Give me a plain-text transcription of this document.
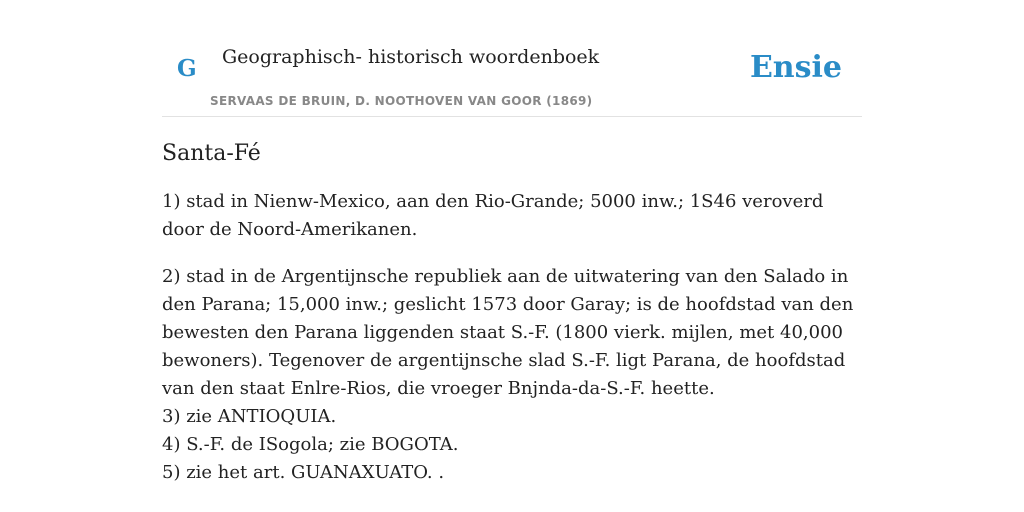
G Geographisch- historisch woordenboek
SERVAAS DE BRUIN, D. NOOTHOVEN VAN GOOR (1869)
Ensie
Santa-Fé

1) stad in Nienw-Mexico, aan den Rio-Grande; 5000 inw.; 1S46 veroverd door de Noord-Amerikanen.

2) stad in de Argentijnsche republiek aan de uitwatering van den Salado in den Parana; 15,000 inw.; geslicht 1573 door Garay; is de hoofdstad van den bewesten den Parana liggenden staat S.-F. (1800 vierk. mijlen, met 40,000 bewoners). Tegenover de argentijnsche slad S.-F. ligt Parana, de hoofdstad van den staat Enlre-Rios, die vroeger Bnjnda-da-S.-F. heette.

3) zie ANTIOQUIA.

4) S.-F. de ISogola; zie BOGOTA.

5) zie het art. GUANAXUATO. .
